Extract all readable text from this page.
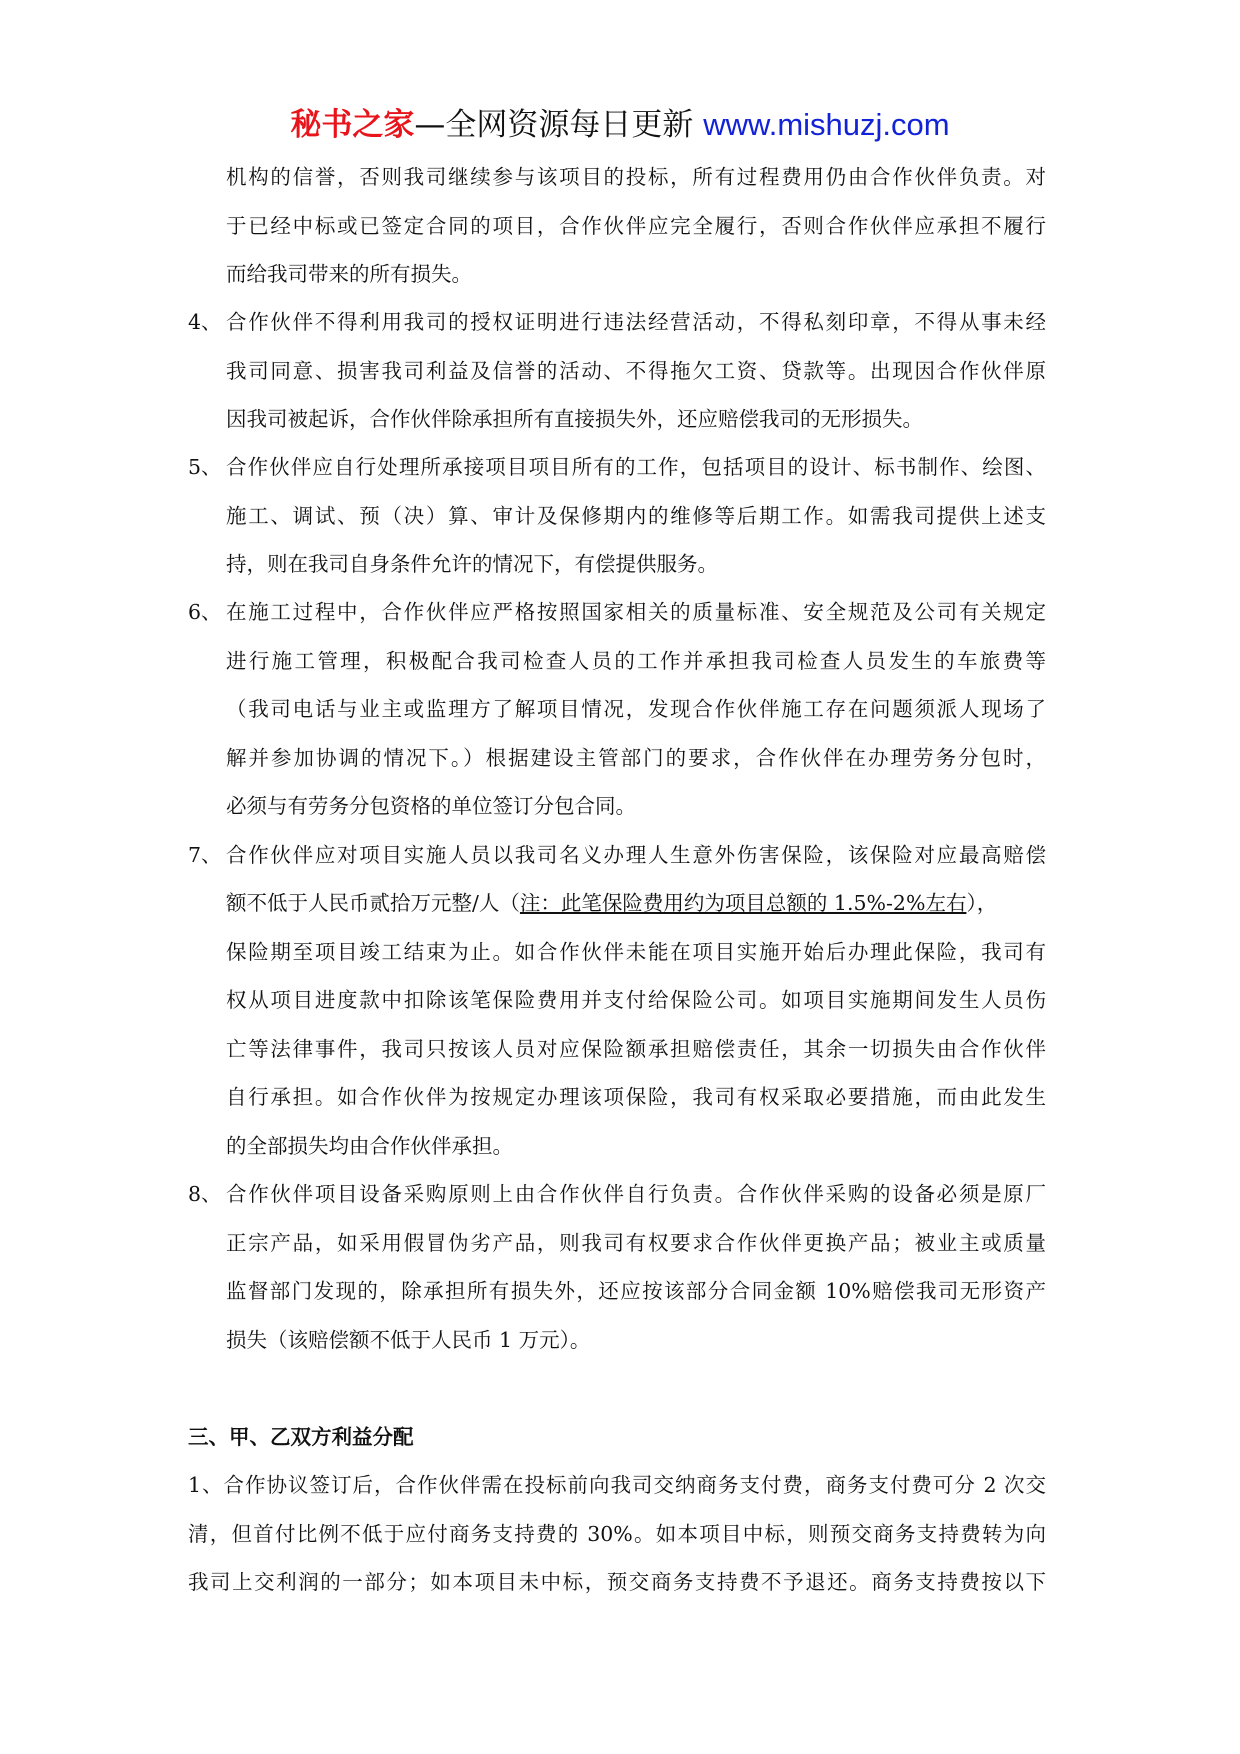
秘书之家—全网资源每日更新 www.mishuzj.com
机构的信誉，否则我司继续参与该项目的投标，所有过程费用仍由合作伙伴负责。对
于已经中标或已签定合同的项目，合作伙伴应完全履行，否则合作伙伴应承担不履行
而给我司带来的所有损失。
4、 合作伙伴不得利用我司的授权证明进行违法经营活动，不得私刻印章，不得从事未经
我司同意、损害我司利益及信誉的活动、不得拖欠工资、贷款等。出现因合作伙伴原
因我司被起诉，合作伙伴除承担所有直接损失外，还应赔偿我司的无形损失。
5、 合作伙伴应自行处理所承接项目项目所有的工作，包括项目的设计、标书制作、绘图、
施工、调试、预（决）算、审计及保修期内的维修等后期工作。如需我司提供上述支
持，则在我司自身条件允许的情况下，有偿提供服务。
6、 在施工过程中，合作伙伴应严格按照国家相关的质量标准、安全规范及公司有关规定
进行施工管理，积极配合我司检查人员的工作并承担我司检查人员发生的车旅费等
（我司电话与业主或监理方了解项目情况，发现合作伙伴施工存在问题须派人现场了
解并参加协调的情况下。）根据建设主管部门的要求，合作伙伴在办理劳务分包时，
必须与有劳务分包资格的单位签订分包合同。
7、 合作伙伴应对项目实施人员以我司名义办理人生意外伤害保险，该保险对应最高赔偿
额不低于人民币贰拾万元整/人（注：此笔保险费用约为项目总额的 1.5%-2%左右），
保险期至项目竣工结束为止。如合作伙伴未能在项目实施开始后办理此保险，我司有
权从项目进度款中扣除该笔保险费用并支付给保险公司。如项目实施期间发生人员伤
亡等法律事件，我司只按该人员对应保险额承担赔偿责任，其余一切损失由合作伙伴
自行承担。如合作伙伴为按规定办理该项保险，我司有权采取必要措施，而由此发生
的全部损失均由合作伙伴承担。
8、 合作伙伴项目设备采购原则上由合作伙伴自行负责。合作伙伴采购的设备必须是原厂
正宗产品，如采用假冒伪劣产品，则我司有权要求合作伙伴更换产品；被业主或质量
监督部门发现的，除承担所有损失外，还应按该部分合同金额 10%赔偿我司无形资产
损失（该赔偿额不低于人民币 1 万元）。
三、甲、乙双方利益分配
1、合作协议签订后，合作伙伴需在投标前向我司交纳商务支付费，商务支付费可分 2 次交
清，但首付比例不低于应付商务支持费的 30%。如本项目中标，则预交商务支持费转为向
我司上交利润的一部分；如本项目未中标，预交商务支持费不予退还。商务支持费按以下
